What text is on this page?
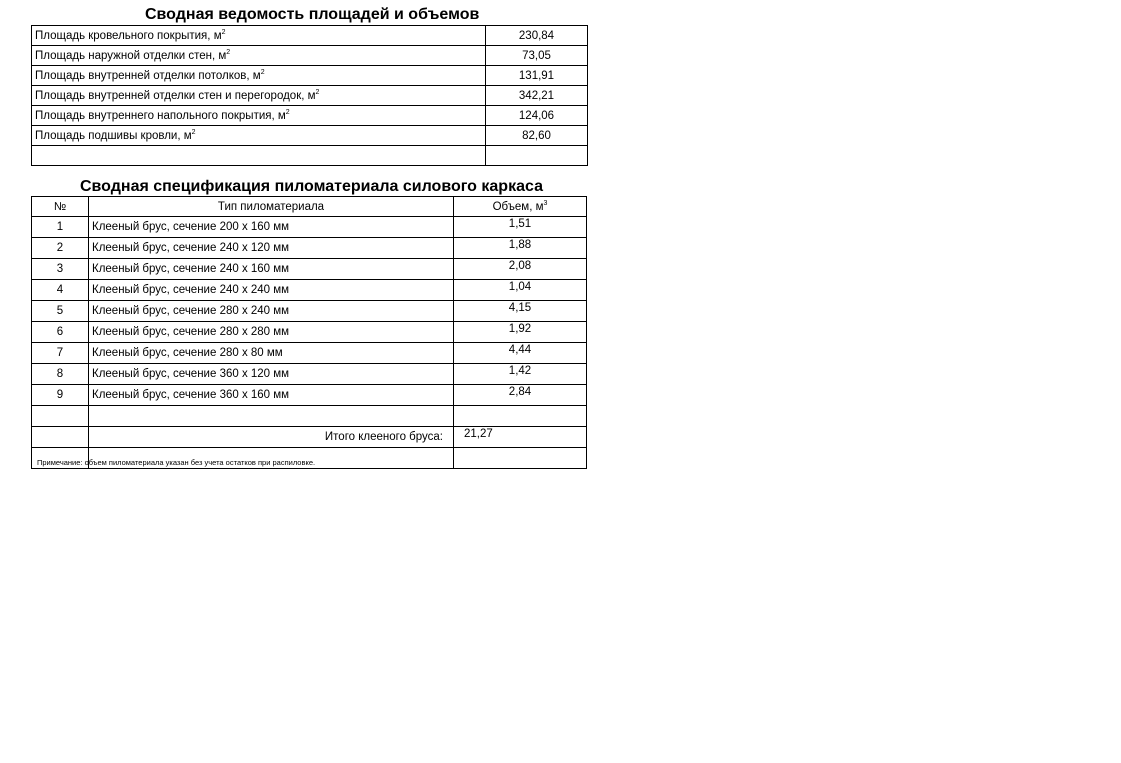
Сводная ведомость площадей и объемов
Площадь кровельного покрытия, $м^2$	230,84
Площадь наружной отделки стен, $м^2$	73,05
Площадь внутренней отделки потолков, $м^2$	131,91
Площадь внутренней отделки стен и перегородок, $м^2$	342,21
Площадь внутреннего напольного покрытия, $м^2$	124,06
Площадь подшивы кровли, $м^2$	82,60

Сводная спецификация пиломатериала силового каркаса
№	Тип пиломатериала	Объем, $м^3$
1	Клееный брус, сечение 200 х 160 мм	1,51
2	Клееный брус, сечение 240 х 120 мм	1,88
3	Клееный брус, сечение 240 х 160 мм	2,08
4	Клееный брус, сечение 240 х 240 мм	1,04
5	Клееный брус, сечение 280 х 240 мм	4,15
6	Клееный брус, сечение 280 х 280 мм	1,92
7	Клееный брус, сечение 280 х 80 мм	4,44
8	Клееный брус, сечение 360 х 120 мм	1,42
9	Клееный брус, сечение 360 х 160 мм	2,84

	Итого клееного бруса:	21,27

Примечание: объем пиломатериала указан без учета остатков при распиловке.
